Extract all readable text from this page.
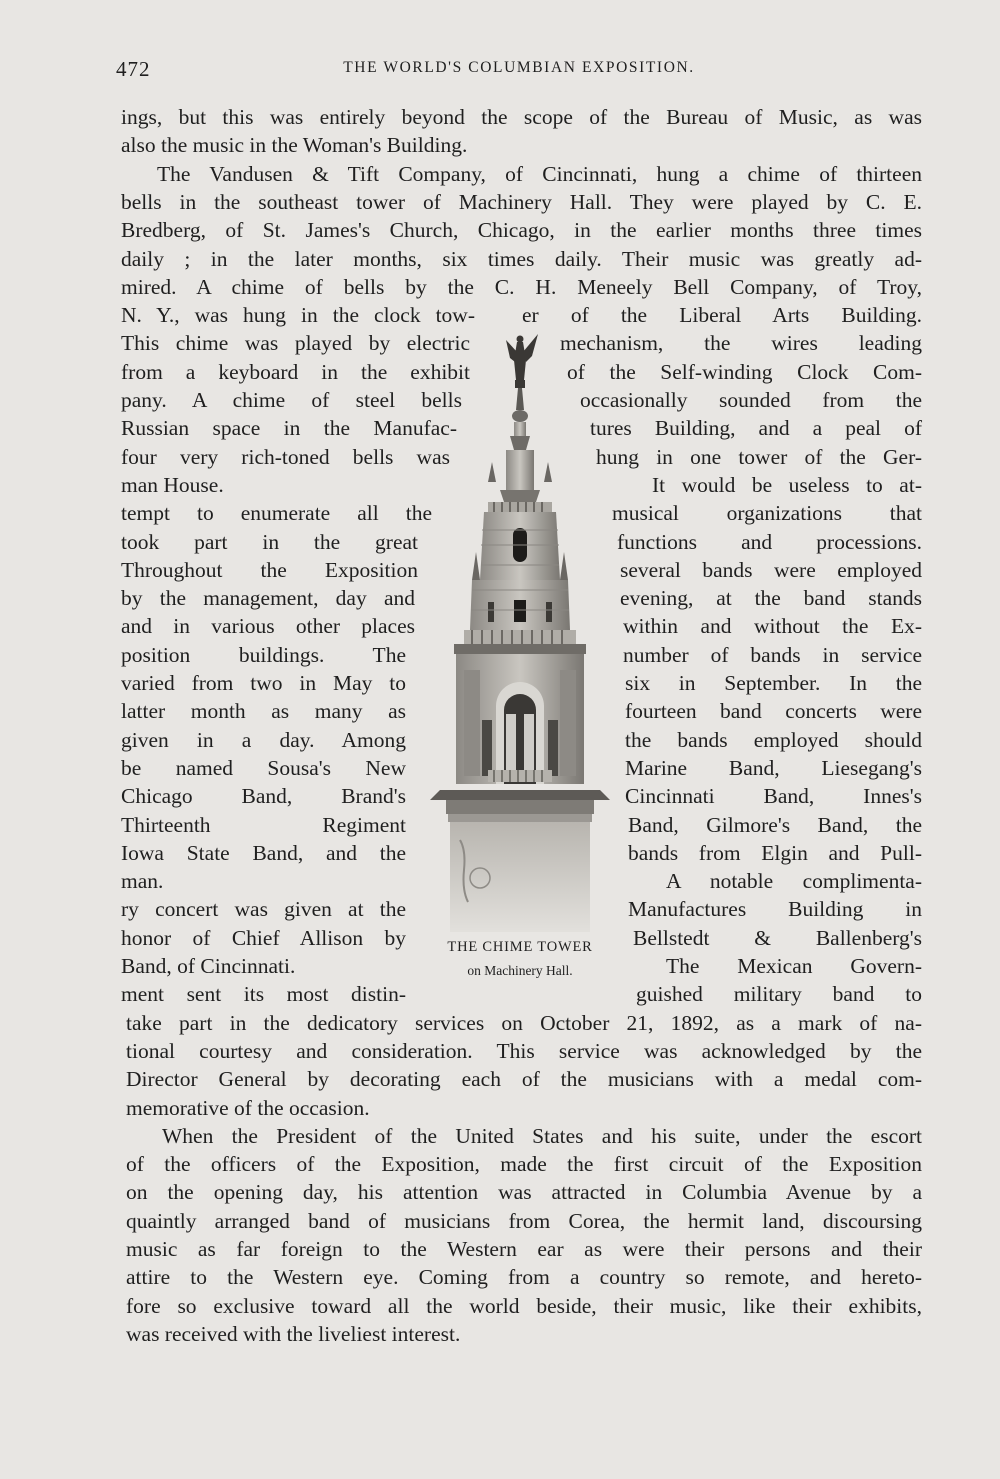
472	THE WORLD'S COLUMBIAN EXPOSITION.
ings, but this was entirely beyond the scope of the Bureau of Music, as was
also the music in the Woman's Building.
The Vandusen & Tift Company, of Cincinnati, hung a chime of thirteen
bells in the southeast tower of Machinery Hall. They were played by C. E.
Bredberg, of St. James's Church, Chicago, in the earlier months three times
daily ; in the later months, six times daily. Their music was greatly ad-
mired. A chime of bells by the C. H. Meneely Bell Company, of Troy,
N. Y., was hung in the clock tow-
This chime was played by electric
from a keyboard in the exhibit
pany. A chime of steel bells
Russian space in the Manufac-
four very rich-toned bells was
man House.
tempt to enumerate all the
took part in the great
Throughout the Exposition
by the management, day and
and in various other places
position buildings. The
varied from two in May to
latter month as many as
given in a day. Among
be named Sousa's New
Chicago Band, Brand's
Thirteenth Regiment
Iowa State Band, and the
man.
ry concert was given at the
honor of Chief Allison by
Band, of Cincinnati.
ment sent its most distin-
er of the Liberal Arts Building.
mechanism, the wires leading
of the Self-winding Clock Com-
occasionally sounded from the
tures Building, and a peal of
hung in one tower of the Ger-
It would be useless to at-
musical organizations that
functions and processions.
several bands were employed
evening, at the band stands
within and without the Ex-
number of bands in service
six in September. In the
fourteen band concerts were
the bands employed should
Marine Band, Liesegang's
Cincinnati Band, Innes's
Band, Gilmore's Band, the
bands from Elgin and Pull-
A notable complimenta-
Manufactures Building in
Bellstedt & Ballenberg's
The Mexican Govern-
guished military band to
take part in the dedicatory services on October 21, 1892, as a mark of na-
tional courtesy and consideration. This service was acknowledged by the
Director General by decorating each of the musicians with a medal com-
memorative of the occasion.
When the President of the United States and his suite, under the escort
of the officers of the Exposition, made the first circuit of the Exposition
on the opening day, his attention was attracted in Columbia Avenue by a
quaintly arranged band of musicians from Corea, the hermit land, discoursing
music as far foreign to the Western ear as were their persons and their
attire to the Western eye. Coming from a country so remote, and hereto-
fore so exclusive toward all the world beside, their music, like their exhibits,
was received with the liveliest interest.
THE CHIME TOWER
on Machinery Hall.
